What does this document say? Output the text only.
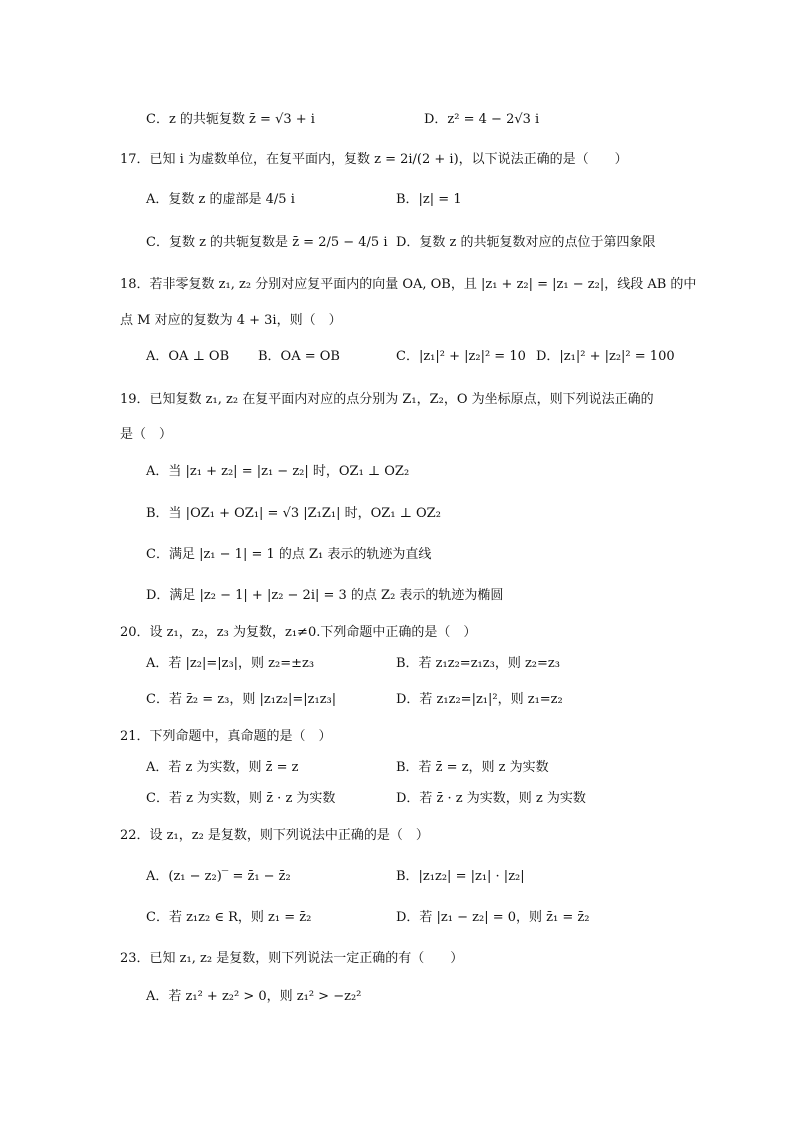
C．z 的共轭复数 z̄ = √3 + i	D．z² = 4 − 2√3 i
17．已知 i 为虚数单位，在复平面内，复数 z = 2i/(2 + i)，以下说法正确的是（　　）
A．复数 z 的虚部是 4/5 i	B．|z| = 1
C．复数 z 的共轭复数是 z̄ = 2/5 − 4/5 i D．复数 z 的共轭复数对应的点位于第四象限
18．若非零复数 z₁, z₂ 分别对应复平面内的向量 OA, OB，且 |z₁ + z₂| = |z₁ − z₂|，线段 AB 的中
点 M 对应的复数为 4 + 3i，则（　）
A．OA ⊥ OB B．OA = OB	C．|z₁|² + |z₂|² = 10 D．|z₁|² + |z₂|² = 100
19．已知复数 z₁, z₂ 在复平面内对应的点分别为 Z₁，Z₂，O 为坐标原点，则下列说法正确的
是（　）
A．当 |z₁ + z₂| = |z₁ − z₂| 时，OZ₁ ⊥ OZ₂
B．当 |OZ₁ + OZ₁| = √3 |Z₁Z₁| 时，OZ₁ ⊥ OZ₂
C．满足 |z₁ − 1| = 1 的点 Z₁ 表示的轨迹为直线
D．满足 |z₂ − 1| + |z₂ − 2i| = 3 的点 Z₂ 表示的轨迹为椭圆
20．设 z₁，z₂，z₃ 为复数，z₁≠0.下列命题中正确的是（　）
A．若 |z₂|=|z₃|，则 z₂=±z₃	B．若 z₁z₂=z₁z₃，则 z₂=z₃
C．若 z̄₂ = z₃，则 |z₁z₂|=|z₁z₃|	D．若 z₁z₂=|z₁|²，则 z₁=z₂
21．下列命题中，真命题的是（　）
A．若 z 为实数，则 z̄ = z	B．若 z̄ = z，则 z 为实数
C．若 z 为实数，则 z̄ · z 为实数	D．若 z̄ · z 为实数，则 z 为实数
22．设 z₁，z₂ 是复数，则下列说法中正确的是（　）
A．(z₁ − z₂)‾ = z̄₁ − z̄₂	B．|z₁z₂| = |z₁| · |z₂|
C．若 z₁z₂ ∈ R，则 z₁ = z̄₂	D．若 |z₁ − z₂| = 0，则 z̄₁ = z̄₂
23．已知 z₁, z₂ 是复数，则下列说法一定正确的有（　　）
A．若 z₁² + z₂² > 0，则 z₁² > −z₂²
